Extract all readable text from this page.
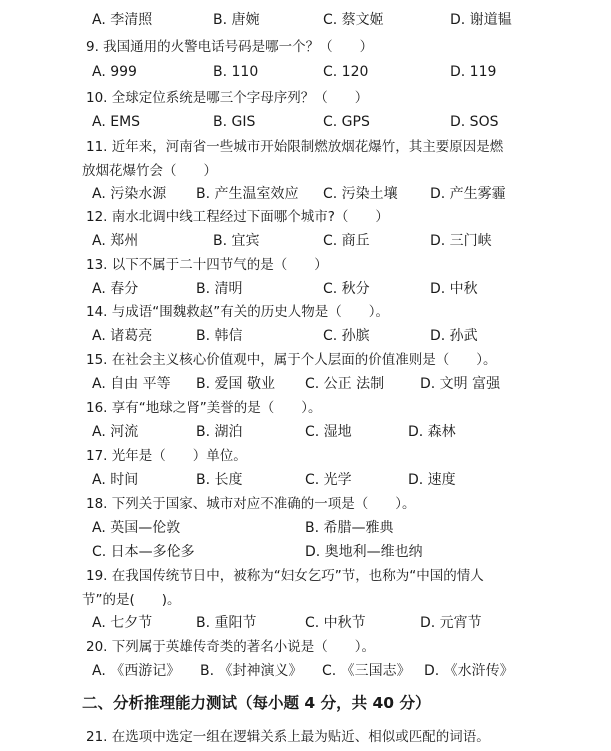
A. 李清照	B. 唐婉	C. 蔡文姬	D. 谢道韫
9. 我国通用的火警电话号码是哪一个？（　　）
A. 999	B. 110	C. 120	D. 119
10. 全球定位系统是哪三个字母序列？（　　）
A. EMS	B. GIS	C. GPS	D. SOS
11. 近年来，河南省一些城市开始限制燃放烟花爆竹，其主要原因是燃
放烟花爆竹会（　　）
A. 污染水源 B. 产生温室效应 C. 污染土壤 D. 产生雾霾
12. 南水北调中线工程经过下面哪个城市?（　　）
A. 郑州	B. 宜宾	C. 商丘	D. 三门峡
13. 以下不属于二十四节气的是（　　）
A. 春分	B. 清明	C. 秋分	D. 中秋
14. 与成语“围魏救赵”有关的历史人物是（　　）。
A. 诸葛亮	B. 韩信	C. 孙膑	D. 孙武
15. 在社会主义核心价值观中，属于个人层面的价值准则是（　　）。
A. 自由 平等 B. 爱国 敬业 C. 公正 法制	D. 文明 富强
16. 享有“地球之肾”美誉的是（　　）。
A. 河流	B. 湖泊	C. 湿地	D. 森林
17. 光年是（　　）单位。
A. 时间	B. 长度	C. 光学	D. 速度
18. 下列关于国家、城市对应不准确的一项是（　　）。
A. 英国—伦敦	B. 希腊—雅典
C. 日本—多伦多	D. 奥地利—维也纳
19. 在我国传统节日中，被称为“妇女乞巧”节，也称为“中国的情人
节”的是(　　)。
A. 七夕节	B. 重阳节	C. 中秋节	D. 元宵节
20. 下列属于英雄传奇类的著名小说是（　　）。
A. 《西游记》 B. 《封神演义》 C. 《三国志》 D. 《水浒传》
二、分析推理能力测试（每小题 4 分，共 40 分）
21. 在选项中选定一组在逻辑关系上最为贴近、相似或匹配的词语。
